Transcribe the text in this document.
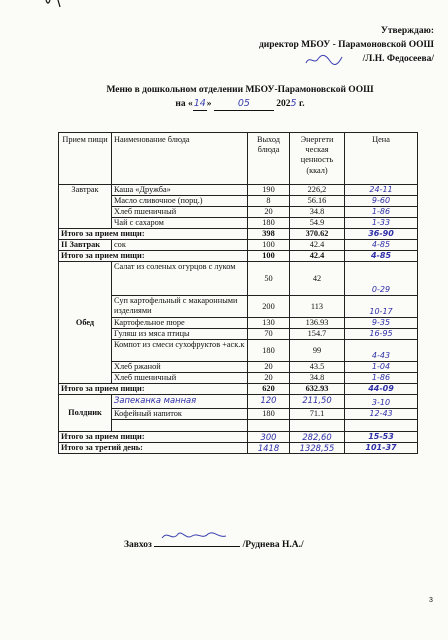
Утверждаю:
директор МБОУ - Парамоновской ООШ
/Л.Н. Федосеева/
Меню в дошкольном отделении МБОУ-Парамоновской ООШ
на «14»	05	2025 г.
Прием пищи	Наименование блюда	Выход блюда	Энергети ческая ценность (ккал)	Цена
Завтрак	Каша «Дружба»	190	226,2	24-11
	Масло сливочное (порц.)	8	56.16	9-60
	Хлеб пшеничный	20	34.8	1-86
	Чай с сахаром	180	54.9	1-33
Итого за прием пищи:		398	370.62	36-90
II Завтрак	сок	100	42.4	4-85
Итого за прием пищи:		100	42.4	4-85
Обед	Салат из соленых огурцов с луком	50	42	0-29
	Суп картофельный с макаронными изделиями	200	113	10-17
	Картофельное пюре	130	136.93	9-35
	Гуляш из мяса птицы	70	154.7	16-95
	Компот из смеси сухофруктов +аск.к	180	99	4-43
	Хлеб ржаной	20	43.5	1-04
	Хлеб пшеничный	20	34.8	1-86
Итого за прием пищи:		620	632.93	44-09
Полдник	Запеканка манная	120	211,50	3-10
	Кофейный напиток	180	71.1	12-43

Итого за прием пищи:		300	282,60	15-53
Итого за третий день:		1418	1328,55	101-37
Завхоз	/Руднева Н.А./
3
